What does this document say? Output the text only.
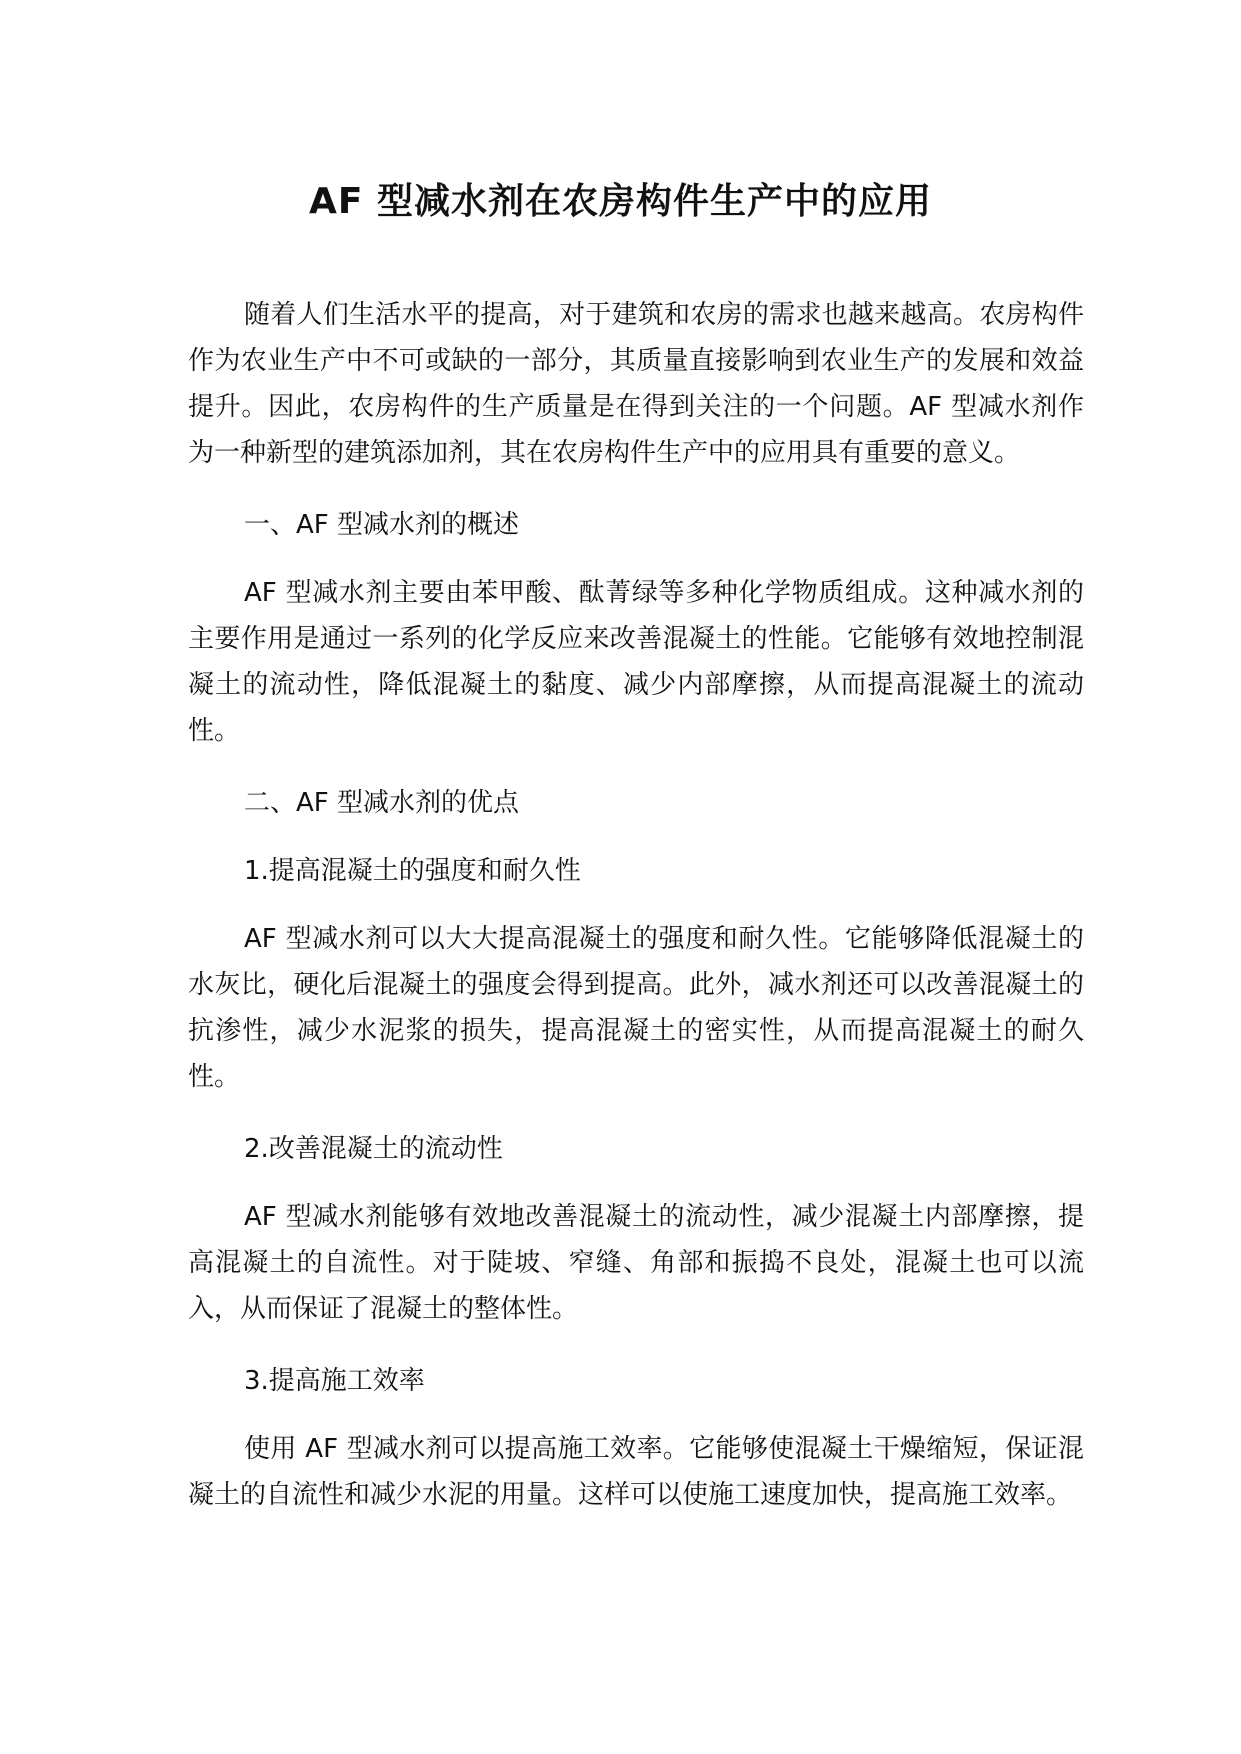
AF 型减水剂在农房构件生产中的应用

随着人们生活水平的提高，对于建筑和农房的需求也越来越高。农房构件作为农业生产中不可或缺的一部分，其质量直接影响到农业生产的发展和效益提升。因此，农房构件的生产质量是在得到关注的一个问题。AF 型减水剂作为一种新型的建筑添加剂，其在农房构件生产中的应用具有重要的意义。

一、AF 型减水剂的概述

AF 型减水剂主要由苯甲酸、酞菁绿等多种化学物质组成。这种减水剂的主要作用是通过一系列的化学反应来改善混凝土的性能。它能够有效地控制混凝土的流动性，降低混凝土的黏度、减少内部摩擦，从而提高混凝土的流动性。

二、AF 型减水剂的优点

1.提高混凝土的强度和耐久性

AF 型减水剂可以大大提高混凝土的强度和耐久性。它能够降低混凝土的水灰比，硬化后混凝土的强度会得到提高。此外，减水剂还可以改善混凝土的抗渗性，减少水泥浆的损失，提高混凝土的密实性，从而提高混凝土的耐久性。

2.改善混凝土的流动性

AF 型减水剂能够有效地改善混凝土的流动性，减少混凝土内部摩擦，提高混凝土的自流性。对于陡坡、窄缝、角部和振捣不良处，混凝土也可以流入，从而保证了混凝土的整体性。

3.提高施工效率

使用 AF 型减水剂可以提高施工效率。它能够使混凝土干燥缩短，保证混凝土的自流性和减少水泥的用量。这样可以使施工速度加快，提高施工效率。
